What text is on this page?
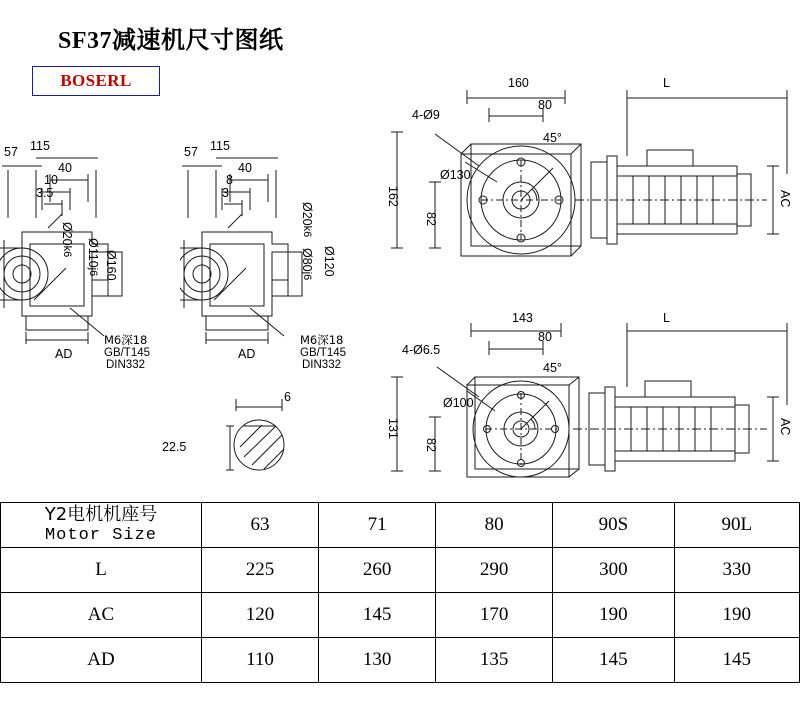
SF37减速机尺寸图纸
BOSERL
57 115
40
10
3.5
Ø20k6 Ø110j6 Ø160
AD
M6深18
GB/T145
DIN332
57 115
40
8
3
Ø20k6
Ø80j6 Ø120
AD
M6深18
GB/T145
DIN332
6
22.5
160
80
L
4-Ø9
45°
Ø130
162
82
AC
143
80
L
4-Ø6.5
45°
Ø100
131
82
AC
Y2电机机座号
Motor Size	63	71	80	90S	90L
L	225	260	290	300	330
AC	120	145	170	190	190
AD	110	130	135	145	145
